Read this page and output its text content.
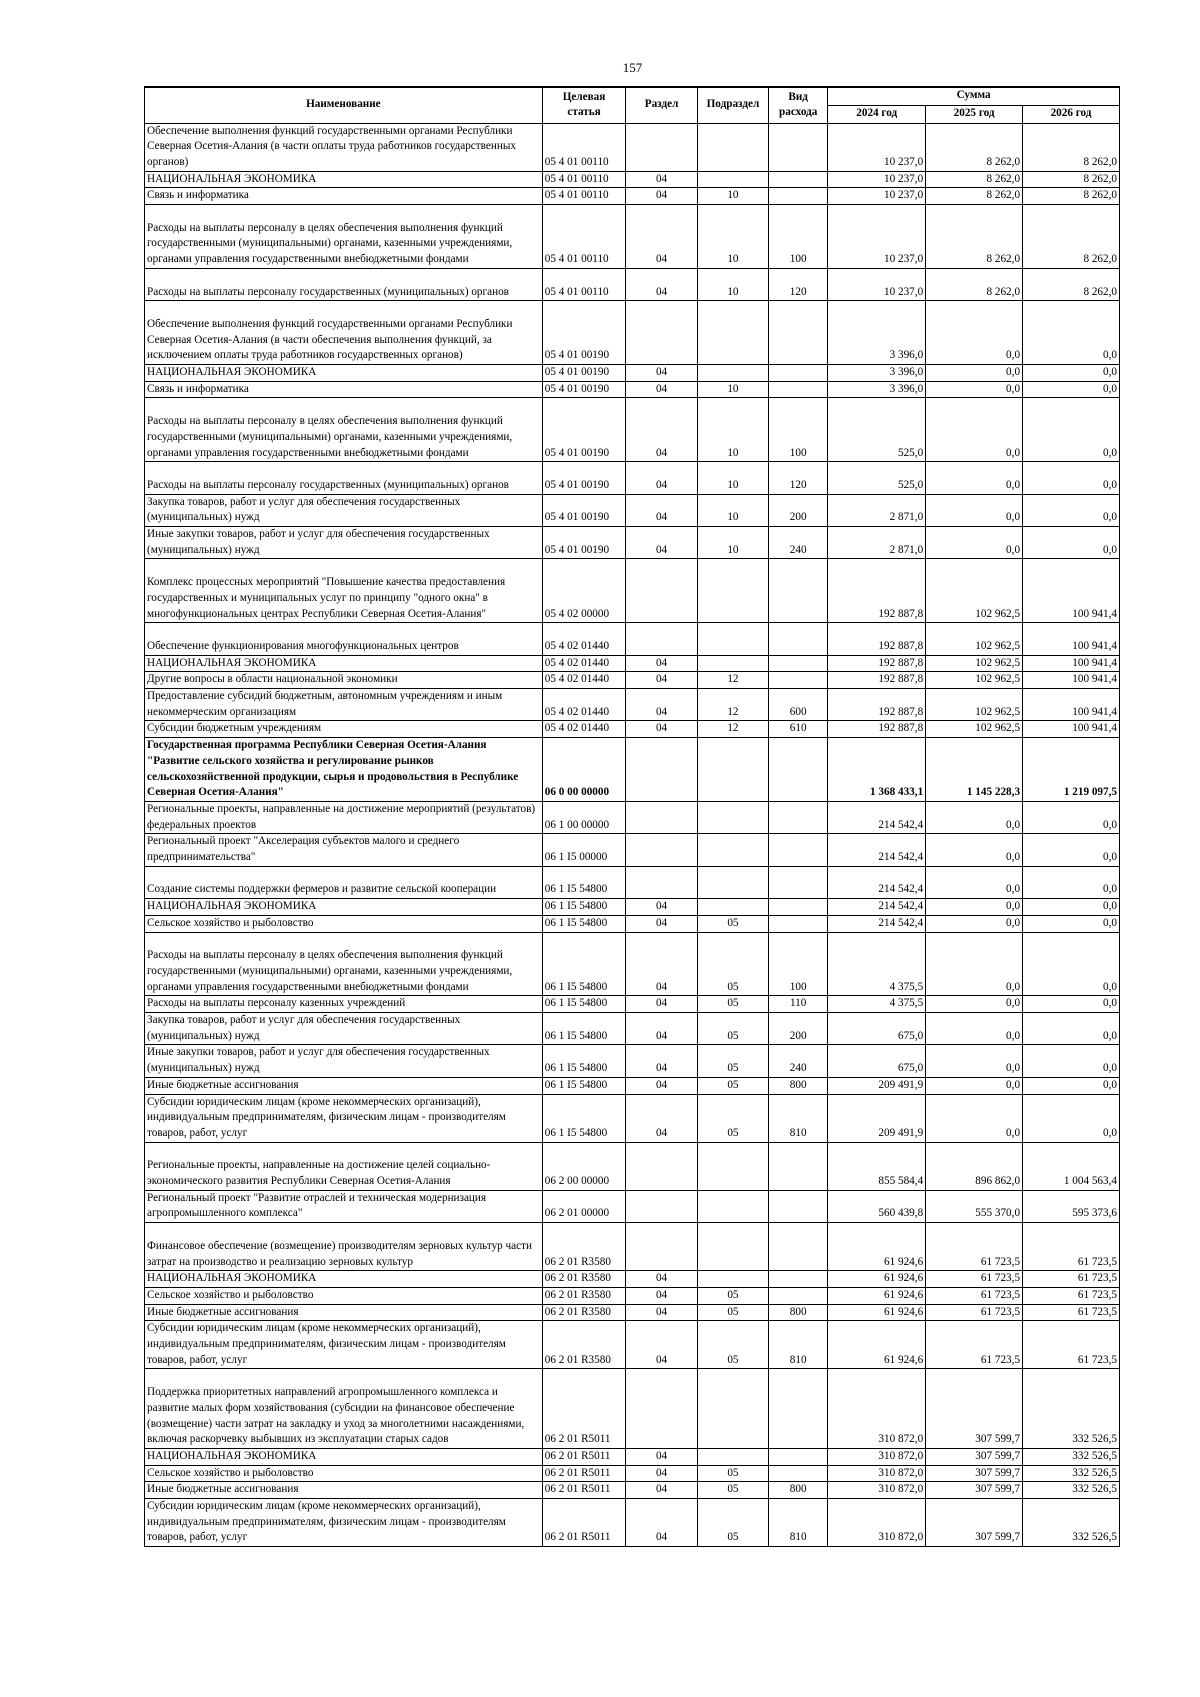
157
Наименование	Целевая статья	Раздел	Подраздел	Вид расхода	Сумма		
					2024 год	2025 год	2026 год
Обеспечение выполнения функций государственными органами Республики Северная Осетия-Алания (в части оплаты труда работников государственных органов)	05 4 01 00110				10 237,0	8 262,0	8 262,0
НАЦИОНАЛЬНАЯ ЭКОНОМИКА	05 4 01 00110	04			10 237,0	8 262,0	8 262,0
Связь и информатика	05 4 01 00110	04	10		10 237,0	8 262,0	8 262,0
Расходы на выплаты персоналу в целях обеспечения выполнения функций государственными (муниципальными) органами, казенными учреждениями, органами управления государственными внебюджетными фондами	05 4 01 00110	04	10	100	10 237,0	8 262,0	8 262,0
Расходы на выплаты персоналу государственных (муниципальных) органов	05 4 01 00110	04	10	120	10 237,0	8 262,0	8 262,0
Обеспечение выполнения функций государственными органами Республики Северная Осетия-Алания (в части обеспечения выполнения функций, за исключением оплаты труда работников государственных органов)	05 4 01 00190				3 396,0	0,0	0,0
НАЦИОНАЛЬНАЯ ЭКОНОМИКА	05 4 01 00190	04			3 396,0	0,0	0,0
Связь и информатика	05 4 01 00190	04	10		3 396,0	0,0	0,0
Расходы на выплаты персоналу в целях обеспечения выполнения функций государственными (муниципальными) органами, казенными учреждениями, органами управления государственными внебюджетными фондами	05 4 01 00190	04	10	100	525,0	0,0	0,0
Расходы на выплаты персоналу государственных (муниципальных) органов	05 4 01 00190	04	10	120	525,0	0,0	0,0
Закупка товаров, работ и услуг для обеспечения государственных (муниципальных) нужд	05 4 01 00190	04	10	200	2 871,0	0,0	0,0
Иные закупки товаров, работ и услуг для обеспечения государственных (муниципальных) нужд	05 4 01 00190	04	10	240	2 871,0	0,0	0,0
Комплекс процессных мероприятий "Повышение качества предоставления государственных и муниципальных услуг по принципу "одного окна" в многофункциональных центрах Республики Северная Осетия-Алания"	05 4 02 00000				192 887,8	102 962,5	100 941,4
Обеспечение функционирования многофункциональных центров	05 4 02 01440				192 887,8	102 962,5	100 941,4
НАЦИОНАЛЬНАЯ ЭКОНОМИКА	05 4 02 01440	04			192 887,8	102 962,5	100 941,4
Другие вопросы в области национальной экономики	05 4 02 01440	04	12		192 887,8	102 962,5	100 941,4
Предоставление субсидий бюджетным, автономным учреждениям и иным некоммерческим организациям	05 4 02 01440	04	12	600	192 887,8	102 962,5	100 941,4
Субсидии бюджетным учреждениям	05 4 02 01440	04	12	610	192 887,8	102 962,5	100 941,4
Государственная программа Республики Северная Осетия-Алания "Развитие сельского хозяйства и регулирование рынков сельскохозяйственной продукции, сырья и продовольствия в Республике Северная Осетия-Алания"	06 0 00 00000				1 368 433,1	1 145 228,3	1 219 097,5
Региональные проекты, направленные на достижение мероприятий (результатов) федеральных проектов	06 1 00 00000				214 542,4	0,0	0,0
Региональный проект "Акселерация субъектов малого и среднего предпринимательства"	06 1 I5 00000				214 542,4	0,0	0,0
Создание системы поддержки фермеров и развитие сельской кооперации	06 1 I5 54800				214 542,4	0,0	0,0
НАЦИОНАЛЬНАЯ ЭКОНОМИКА	06 1 I5 54800	04			214 542,4	0,0	0,0
Сельское хозяйство и рыболовство	06 1 I5 54800	04	05		214 542,4	0,0	0,0
Расходы на выплаты персоналу в целях обеспечения выполнения функций государственными (муниципальными) органами, казенными учреждениями, органами управления государственными внебюджетными фондами	06 1 I5 54800	04	05	100	4 375,5	0,0	0,0
Расходы на выплаты персоналу казенных учреждений	06 1 I5 54800	04	05	110	4 375,5	0,0	0,0
Закупка товаров, работ и услуг для обеспечения государственных (муниципальных) нужд	06 1 I5 54800	04	05	200	675,0	0,0	0,0
Иные закупки товаров, работ и услуг для обеспечения государственных (муниципальных) нужд	06 1 I5 54800	04	05	240	675,0	0,0	0,0
Иные бюджетные ассигнования	06 1 I5 54800	04	05	800	209 491,9	0,0	0,0
Субсидии юридическим лицам (кроме некоммерческих организаций), индивидуальным предпринимателям, физическим лицам - производителям товаров, работ, услуг	06 1 I5 54800	04	05	810	209 491,9	0,0	0,0
Региональные проекты, направленные на достижение целей социально-экономического развития Республики Северная Осетия-Алания	06 2 00 00000				855 584,4	896 862,0	1 004 563,4
Региональный проект "Развитие отраслей и техническая модернизация агропромышленного комплекса"	06 2 01 00000				560 439,8	555 370,0	595 373,6
Финансовое обеспечение (возмещение) производителям зерновых культур части затрат на производство и реализацию зерновых культур	06 2 01 R3580				61 924,6	61 723,5	61 723,5
НАЦИОНАЛЬНАЯ ЭКОНОМИКА	06 2 01 R3580	04			61 924,6	61 723,5	61 723,5
Сельское хозяйство и рыболовство	06 2 01 R3580	04	05		61 924,6	61 723,5	61 723,5
Иные бюджетные ассигнования	06 2 01 R3580	04	05	800	61 924,6	61 723,5	61 723,5
Субсидии юридическим лицам (кроме некоммерческих организаций), индивидуальным предпринимателям, физическим лицам - производителям товаров, работ, услуг	06 2 01 R3580	04	05	810	61 924,6	61 723,5	61 723,5
Поддержка приоритетных направлений агропромышленного комплекса и развитие малых форм хозяйствования (субсидии на финансовое обеспечение (возмещение) части затрат на закладку и уход за многолетними насаждениями, включая раскорчевку выбывших из эксплуатации старых садов	06 2 01 R5011				310 872,0	307 599,7	332 526,5
НАЦИОНАЛЬНАЯ ЭКОНОМИКА	06 2 01 R5011	04			310 872,0	307 599,7	332 526,5
Сельское хозяйство и рыболовство	06 2 01 R5011	04	05		310 872,0	307 599,7	332 526,5
Иные бюджетные ассигнования	06 2 01 R5011	04	05	800	310 872,0	307 599,7	332 526,5
Субсидии юридическим лицам (кроме некоммерческих организаций), индивидуальным предпринимателям, физическим лицам - производителям товаров, работ, услуг	06 2 01 R5011	04	05	810	310 872,0	307 599,7	332 526,5
